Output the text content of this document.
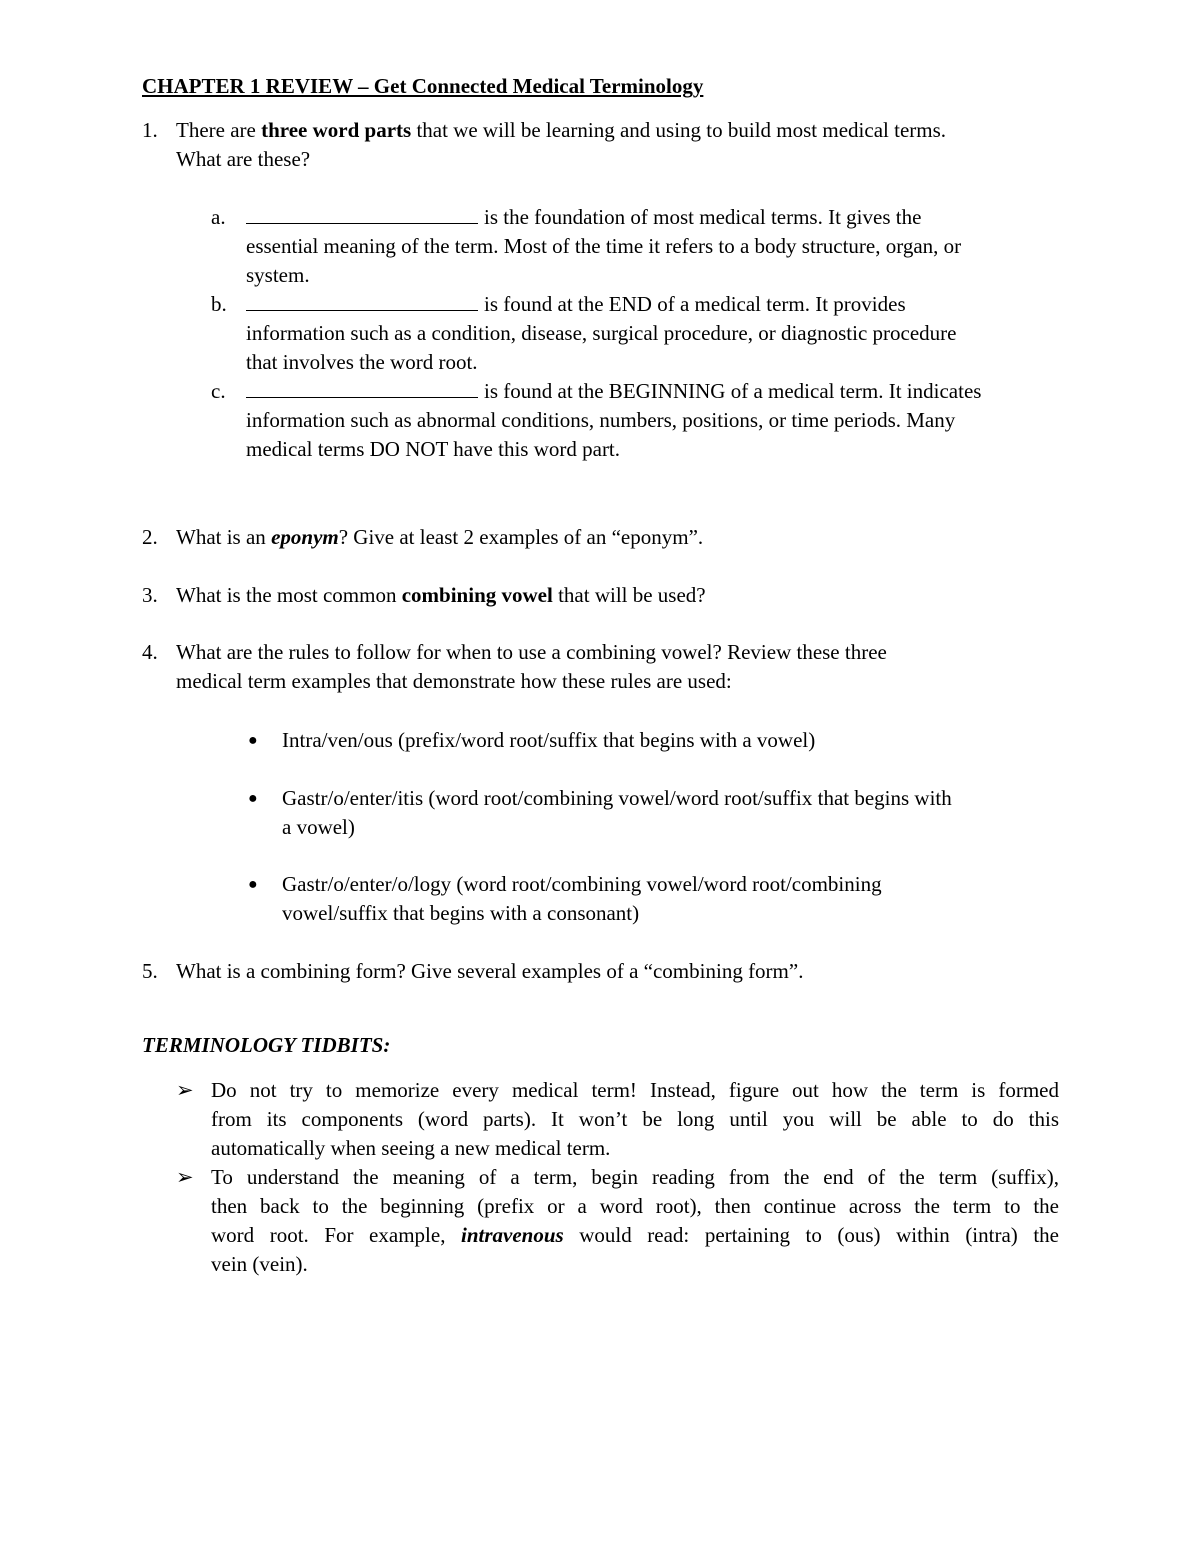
CHAPTER 1 REVIEW – Get Connected Medical Terminology
1. There are three word parts that we will be learning and using to build most medical terms.
What are these?
a.	is the foundation of most medical terms. It gives the
essential meaning of the term. Most of the time it refers to a body structure, organ, or
system.
b.	is found at the END of a medical term. It provides
information such as a condition, disease, surgical procedure, or diagnostic procedure
that involves the word root.
c.	is found at the BEGINNING of a medical term. It indicates
information such as abnormal conditions, numbers, positions, or time periods. Many
medical terms DO NOT have this word part.
2. What is an eponym? Give at least 2 examples of an “eponym”.
3. What is the most common combining vowel that will be used?
4. What are the rules to follow for when to use a combining vowel? Review these three
medical term examples that demonstrate how these rules are used:
● Intra/ven/ous (prefix/word root/suffix that begins with a vowel)
● Gastr/o/enter/itis (word root/combining vowel/word root/suffix that begins with
a vowel)
● Gastr/o/enter/o/logy (word root/combining vowel/word root/combining
vowel/suffix that begins with a consonant)
5. What is a combining form? Give several examples of a “combining form”.
TERMINOLOGY TIDBITS:
➢ Do not try to memorize every medical term! Instead, figure out how the term is formed
from its components (word parts). It won’t be long until you will be able to do this
automatically when seeing a new medical term.
➢ To understand the meaning of a term, begin reading from the end of the term (suffix),
then back to the beginning (prefix or a word root), then continue across the term to the
word root. For example, intravenous would read: pertaining to (ous) within (intra) the
vein (vein).
